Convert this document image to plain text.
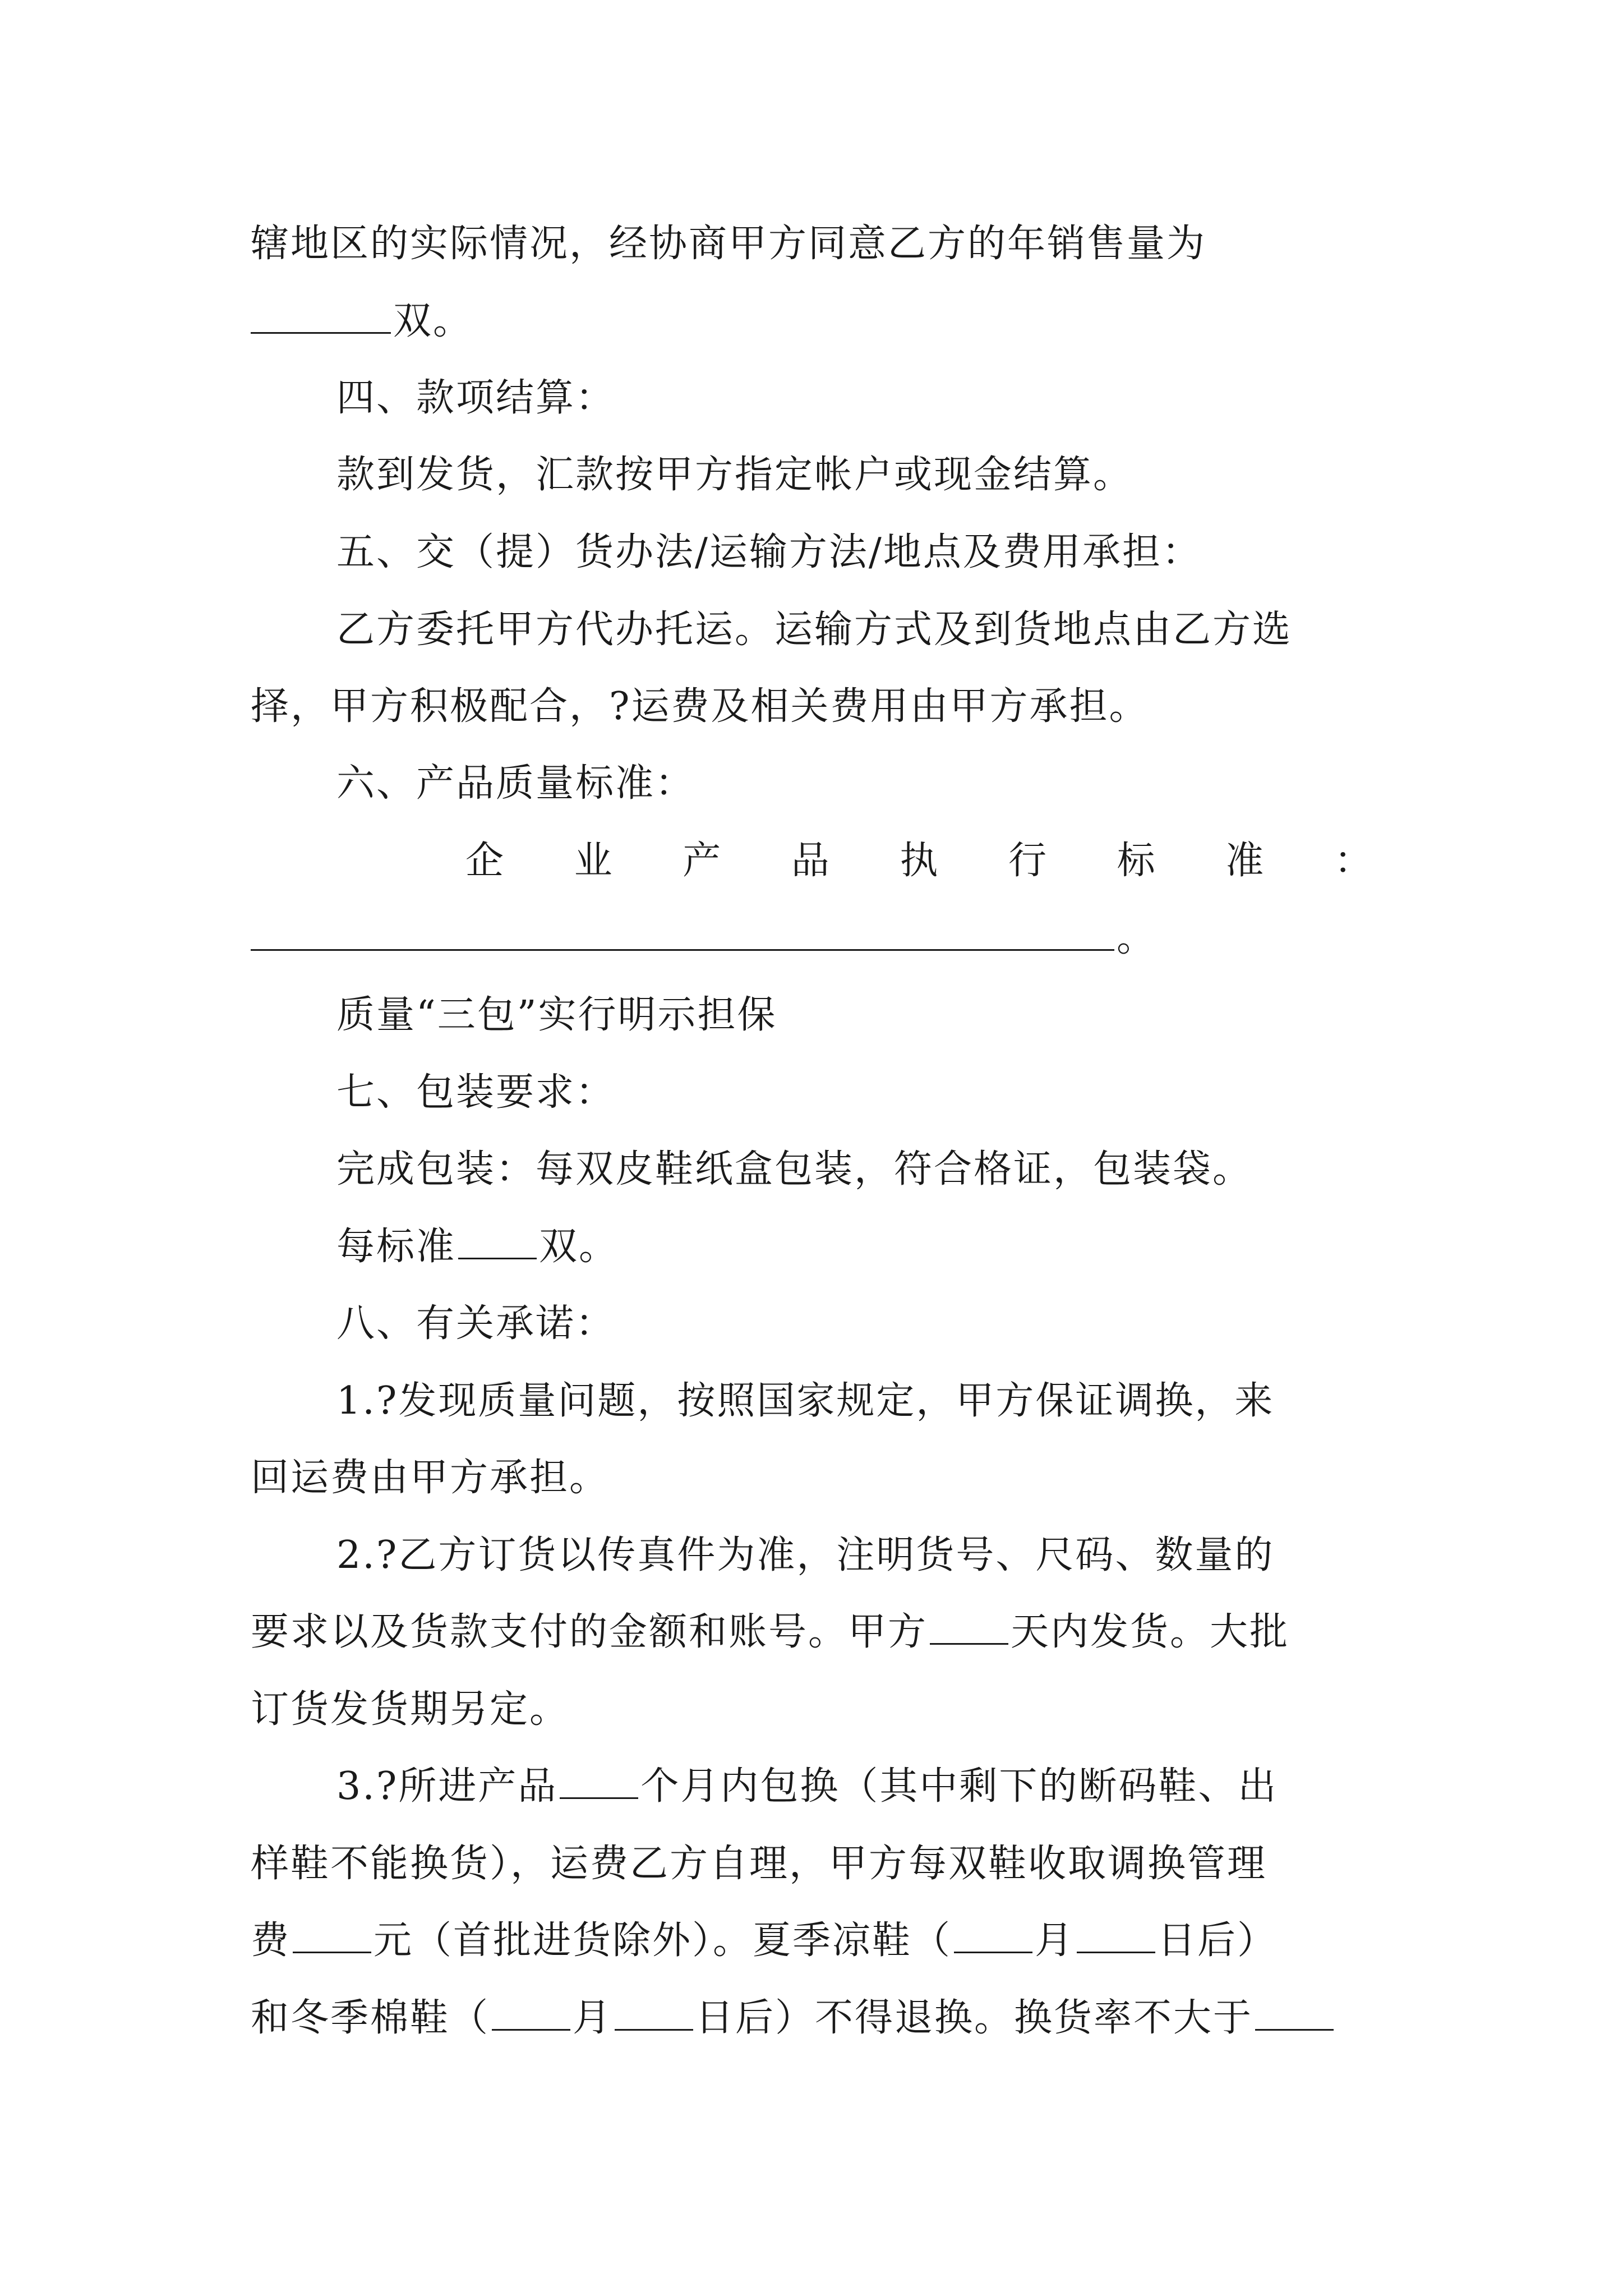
辖地区的实际情况，经协商甲方同意乙方的年销售量为
双。
四、款项结算：
款到发货，汇款按甲方指定帐户或现金结算。
五、交（提）货办法/运输方法/地点及费用承担：
乙方委托甲方代办托运。运输方式及到货地点由乙方选
择，甲方积极配合，?运费及相关费用由甲方承担。
六、产品质量标准：
企 业 产 品 执 行 标 准 ：
。
质量“三包”实行明示担保
七、包装要求：
完成包装：每双皮鞋纸盒包装，符合格证，包装袋。
每标准 双。
八、有关承诺：
1.?发现质量问题，按照国家规定，甲方保证调换，来
回运费由甲方承担。
2.?乙方订货以传真件为准，注明货号、尺码、数量的
要求以及货款支付的金额和账号。甲方 天内发货。大批
订货发货期另定。
3.?所进产品 个月内包换（其中剩下的断码鞋、出
样鞋不能换货），运费乙方自理，甲方每双鞋收取调换管理
费 元（首批进货除外）。夏季凉鞋（ 月 日后）
和冬季棉鞋（ 月 日后）不得退换。换货率不大于
